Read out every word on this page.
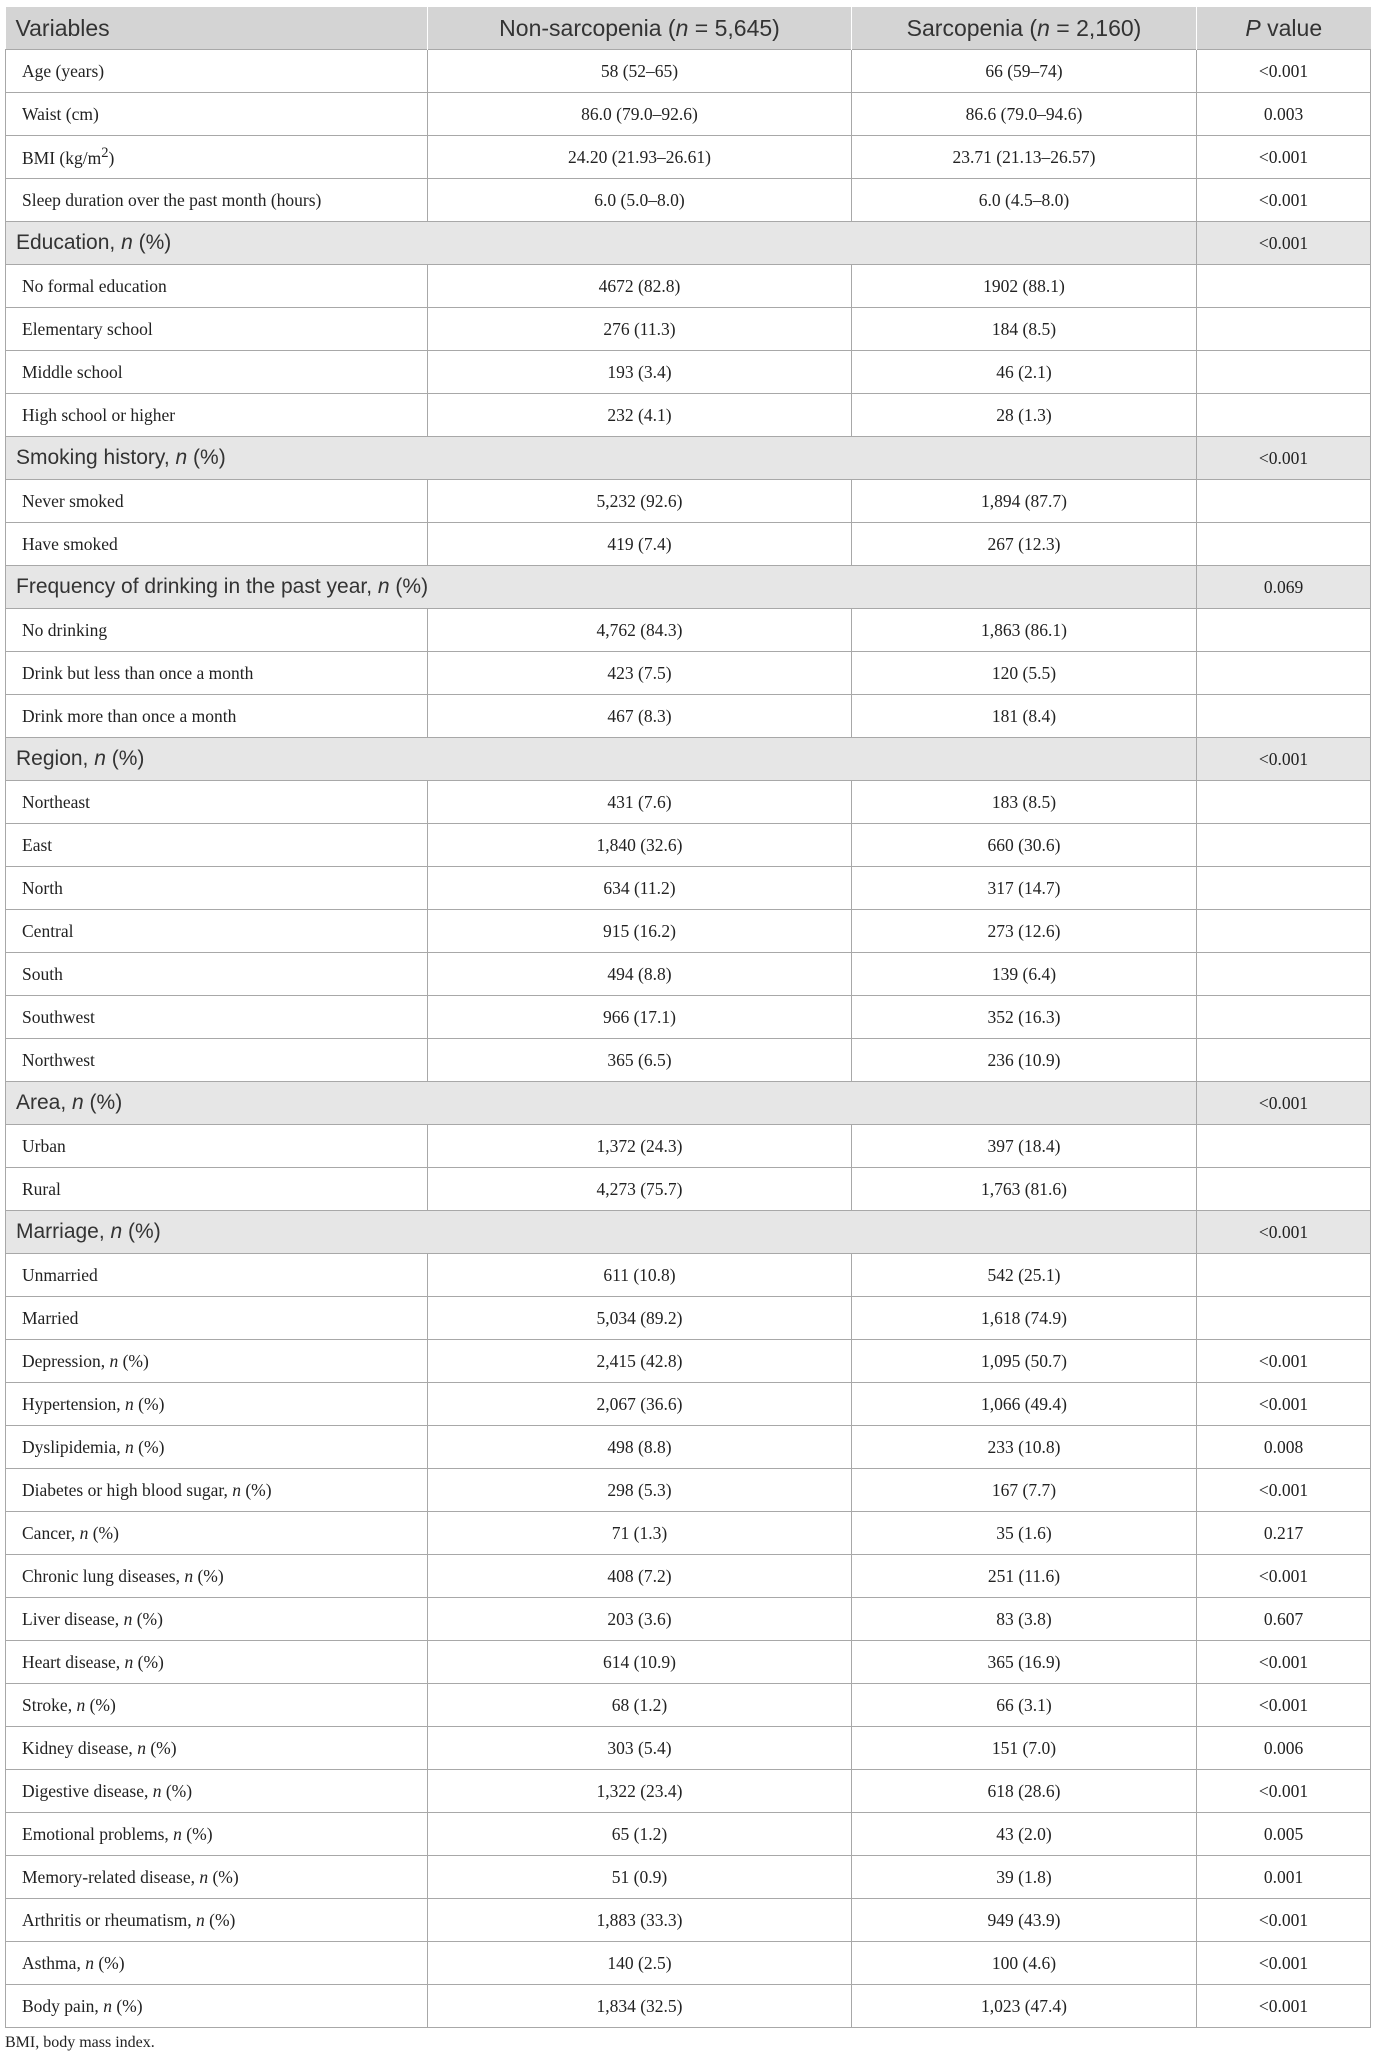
Variables	Non-sarcopenia (n = 5,645)	Sarcopenia (n = 2,160)	P value
Age (years)	58 (52–65)	66 (59–74)	<0.001
Waist (cm)	86.0 (79.0–92.6)	86.6 (79.0–94.6)	0.003
BMI $(kg/m^2)$	24.20 (21.93–26.61)	23.71 (21.13–26.57)	<0.001
Sleep duration over the past month (hours)	6.0 (5.0–8.0)	6.0 (4.5–8.0)	<0.001
Education, n (%)			<0.001
No formal education	4672 (82.8)	1902 (88.1)	
Elementary school	276 (11.3)	184 (8.5)	
Middle school	193 (3.4)	46 (2.1)	
High school or higher	232 (4.1)	28 (1.3)	
Smoking history, n (%)			<0.001
Never smoked	5,232 (92.6)	1,894 (87.7)	
Have smoked	419 (7.4)	267 (12.3)	
Frequency of drinking in the past year, n (%)			0.069
No drinking	4,762 (84.3)	1,863 (86.1)	
Drink but less than once a month	423 (7.5)	120 (5.5)	
Drink more than once a month	467 (8.3)	181 (8.4)	
Region, n (%)			<0.001
Northeast	431 (7.6)	183 (8.5)	
East	1,840 (32.6)	660 (30.6)	
North	634 (11.2)	317 (14.7)	
Central	915 (16.2)	273 (12.6)	
South	494 (8.8)	139 (6.4)	
Southwest	966 (17.1)	352 (16.3)	
Northwest	365 (6.5)	236 (10.9)	
Area, n (%)			<0.001
Urban	1,372 (24.3)	397 (18.4)	
Rural	4,273 (75.7)	1,763 (81.6)	
Marriage, n (%)			<0.001
Unmarried	611 (10.8)	542 (25.1)	
Married	5,034 (89.2)	1,618 (74.9)	
Depression, n (%)	2,415 (42.8)	1,095 (50.7)	<0.001
Hypertension, n (%)	2,067 (36.6)	1,066 (49.4)	<0.001
Dyslipidemia, n (%)	498 (8.8)	233 (10.8)	0.008
Diabetes or high blood sugar, n (%)	298 (5.3)	167 (7.7)	<0.001
Cancer, n (%)	71 (1.3)	35 (1.6)	0.217
Chronic lung diseases, n (%)	408 (7.2)	251 (11.6)	<0.001
Liver disease, n (%)	203 (3.6)	83 (3.8)	0.607
Heart disease, n (%)	614 (10.9)	365 (16.9)	<0.001
Stroke, n (%)	68 (1.2)	66 (3.1)	<0.001
Kidney disease, n (%)	303 (5.4)	151 (7.0)	0.006
Digestive disease, n (%)	1,322 (23.4)	618 (28.6)	<0.001
Emotional problems, n (%)	65 (1.2)	43 (2.0)	0.005
Memory-related disease, n (%)	51 (0.9)	39 (1.8)	0.001
Arthritis or rheumatism, n (%)	1,883 (33.3)	949 (43.9)	<0.001
Asthma, n (%)	140 (2.5)	100 (4.6)	<0.001
Body pain, n (%)	1,834 (32.5)	1,023 (47.4)	<0.001
BMI, body mass index.
